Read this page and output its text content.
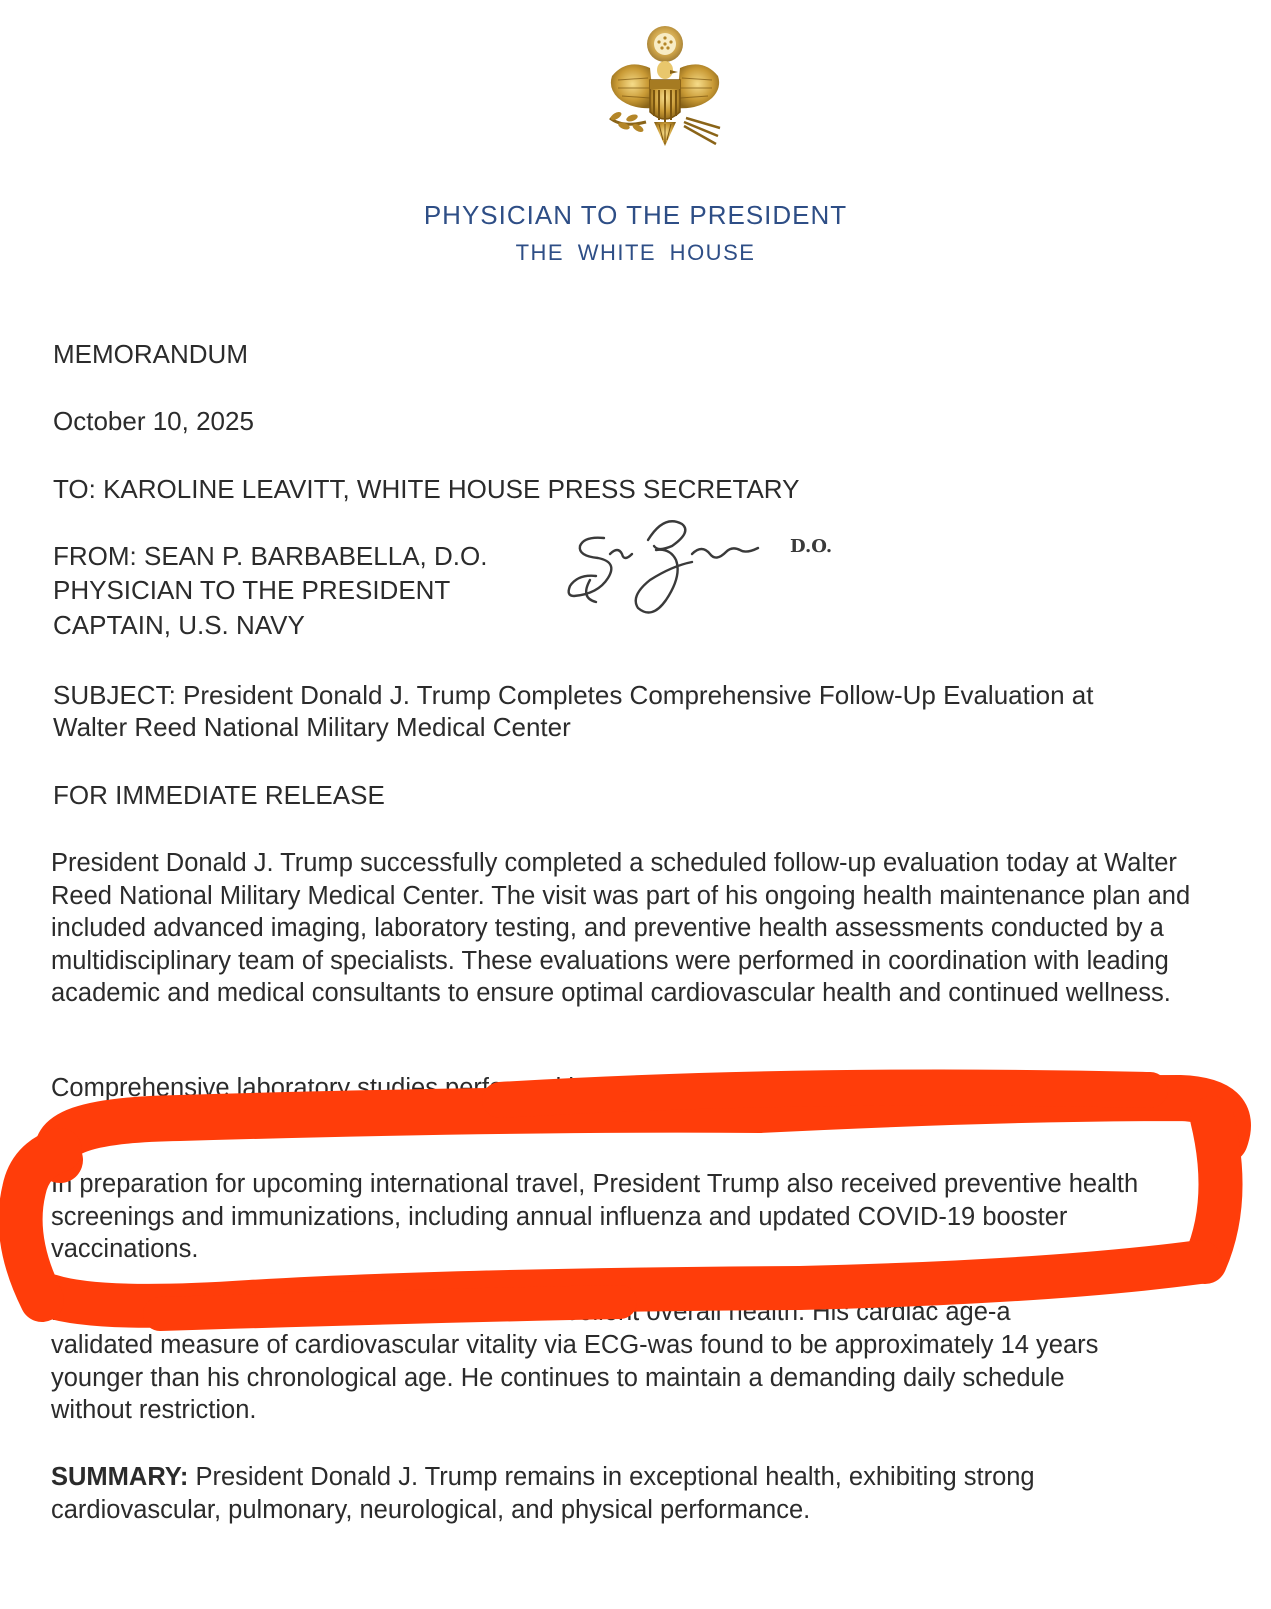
PHYSICIAN TO THE PRESIDENT
THE WHITE HOUSE
MEMORANDUM
October 10, 2025
TO: KAROLINE LEAVITT, WHITE HOUSE PRESS SECRETARY
FROM: SEAN P. BARBABELLA, D.O.
PHYSICIAN TO THE PRESIDENT
CAPTAIN, U.S. NAVY
D.O.
SUBJECT: President Donald J. Trump Completes Comprehensive Follow-Up Evaluation at
Walter Reed National Military Medical Center
FOR IMMEDIATE RELEASE

President Donald J. Trump successfully completed a scheduled follow-up evaluation today at Walter Reed National Military Medical Center. The visit was part of his ongoing health maintenance plan and included advanced imaging, laboratory testing, and preventive health assessments conducted by a multidisciplinary team of specialists. These evaluations were performed in coordination with leading academic and medical consultants to ensure optimal cardiovascular health and continued wellness.

Comprehensive laboratory studies performed in conjunction with the visit were
including stable metabolic, hematologic,

In preparation for upcoming international travel, President Trump also received preventive health screenings and immunizations, including annual influenza and updated COVID-19 booster vaccinations.

President Trump continues to demonstrate excellent overall health. His cardiac age-a

validated measure of cardiovascular vitality via ECG-was found to be approximately 14 years

younger than his chronological age. He continues to maintain a demanding daily schedule

without restriction.

SUMMARY: President Donald J. Trump remains in exceptional health, exhibiting strong cardiovascular, pulmonary, neurological, and physical performance.
